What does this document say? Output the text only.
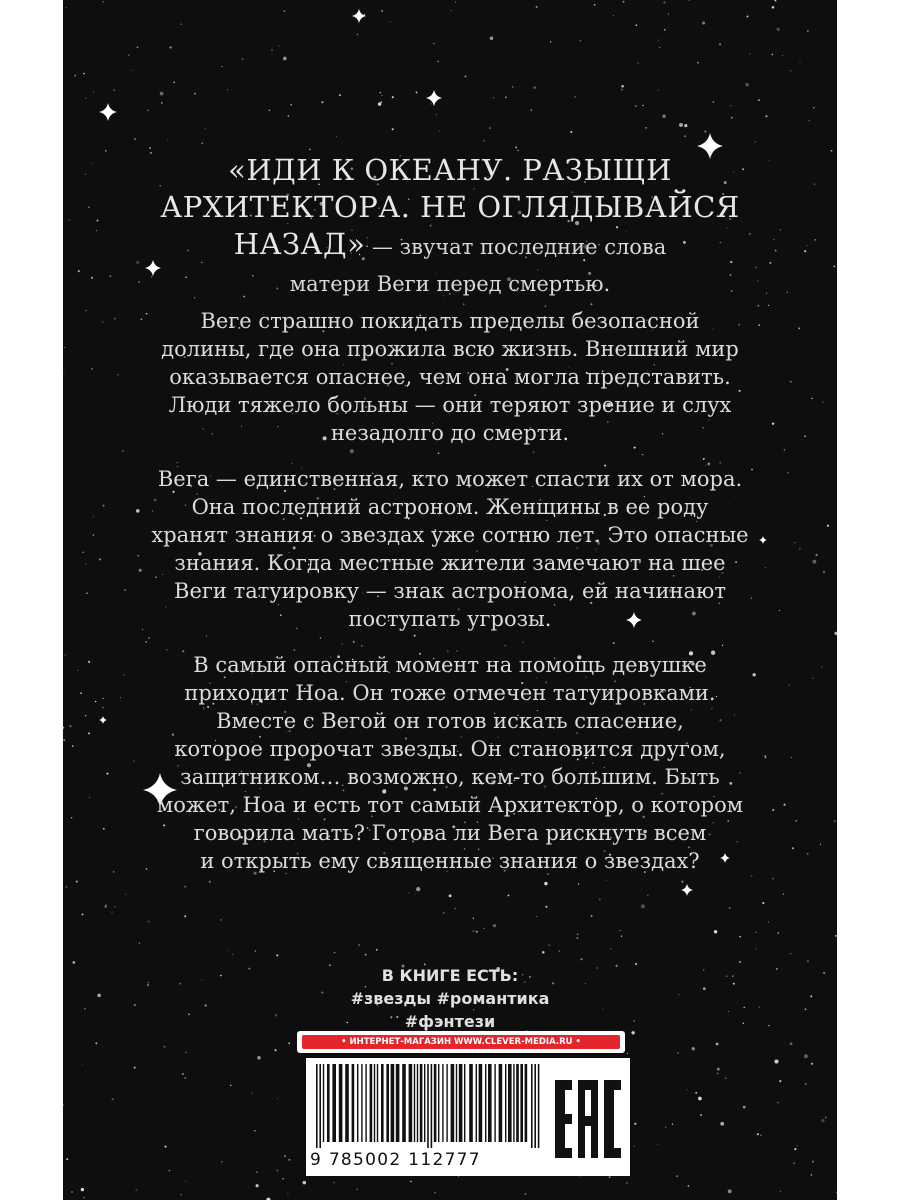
«ИДИ К ОКЕАНУ. РАЗЫЩИ
АРХИТЕКТОРА. НЕ ОГЛЯДЫВАЙСЯ
НАЗАД» — звучат последние слова
матери Веги перед смертью.
Веге страшно покидать пределы безопасной
долины, где она прожила всю жизнь. Внешний мир
оказывается опаснее, чем она могла представить.
Люди тяжело больны — они теряют зрение и слух
незадолго до смерти.
Вега — единственная, кто может спасти их от мора.
Она последний астроном. Женщины в ее роду
хранят знания о звездах уже сотню лет. Это опасные
знания. Когда местные жители замечают на шее
Веги татуировку — знак астронома, ей начинают
поступать угрозы.
В самый опасный момент на помощь девушке
приходит Ноа. Он тоже отмечен татуировками.
Вместе с Вегой он готов искать спасение,
которое пророчат звезды. Он становится другом,
защитником… возможно, кем-то большим. Быть
может, Ноа и есть тот самый Архитектор, о котором
говорила мать? Готова ли Вега рискнуть всем
и открыть ему священные знания о звездах?
В КНИГЕ ЕСТЬ:
#звезды #романтика
#фэнтези
• ИНТЕРНЕТ-МАГАЗИН WWW.CLEVER-MEDIA.RU •
9 785002 112777
